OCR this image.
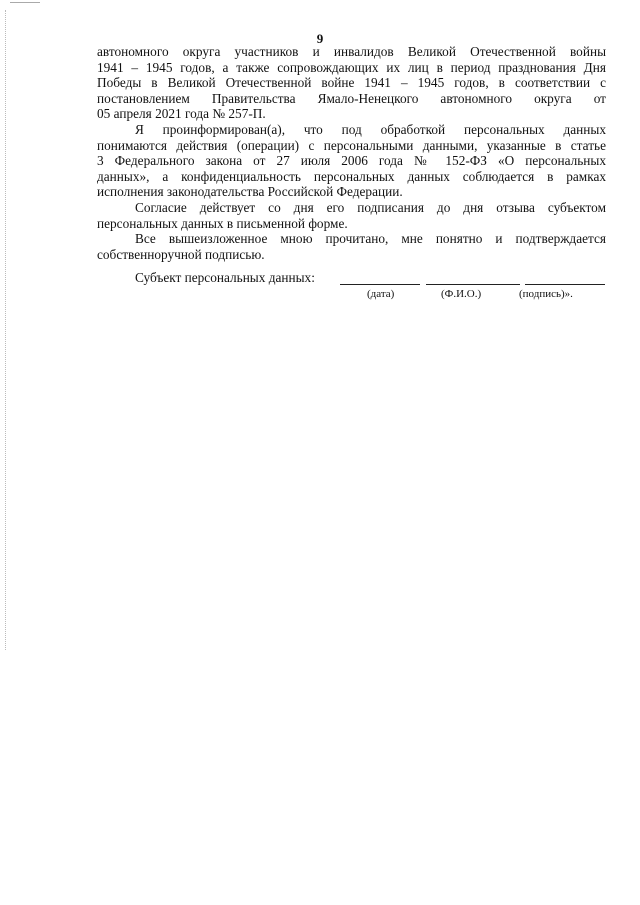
9
автономного округа участников и инвалидов Великой Отечественной войны
1941 – 1945 годов, а также сопровождающих их лиц в период празднования Дня
Победы в Великой Отечественной войне 1941 – 1945 годов, в соответствии с
постановлением Правительства Ямало-Ненецкого автономного округа от
05 апреля 2021 года № 257-П.
Я проинформирован(а), что под обработкой персональных данных
понимаются действия (операции) с персональными данными, указанные в статье
3 Федерального закона от 27 июля 2006 года № 152-ФЗ «О персональных
данных», а конфиденциальность персональных данных соблюдается в рамках
исполнения законодательства Российской Федерации.
Согласие действует со дня его подписания до дня отзыва субъектом
персональных данных в письменной форме.
Все вышеизложенное мною прочитано, мне понятно и подтверждается
собственноручной подписью.
Субъект персональных данных:
(дата)	(Ф.И.О.)	(подпись)».
